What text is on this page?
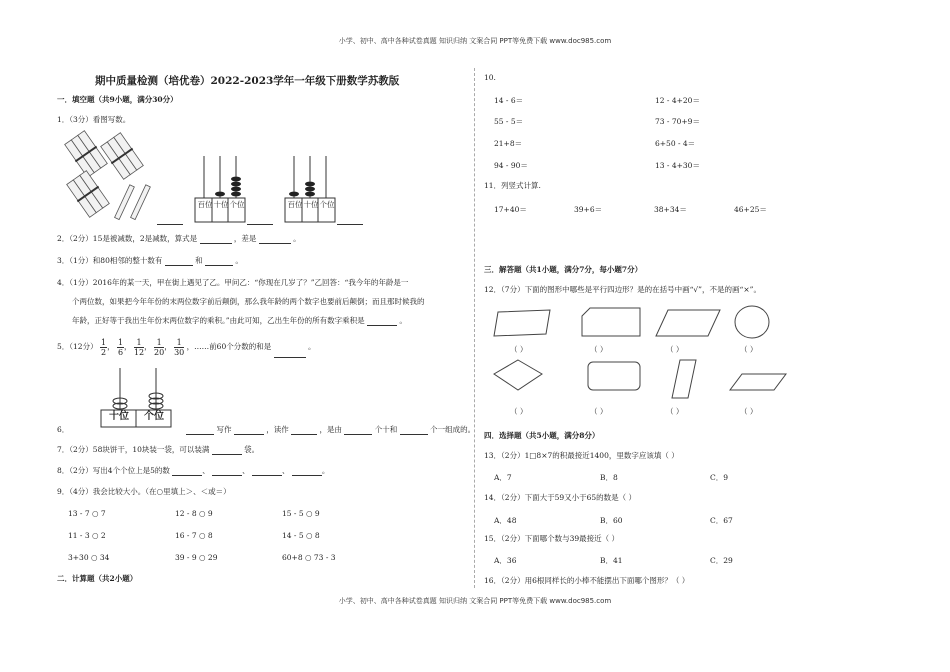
小学、初中、高中各种试卷真题 知识归纳 文案合同 PPT等免费下载 www.doc985.com
小学、初中、高中各种试卷真题 知识归纳 文案合同 PPT等免费下载 www.doc985.com
期中质量检测（培优卷）2022-2023学年一年级下册数学苏教版
一．填空题（共9小题，满分30分）
1．（3分）看图写数。
百位 十位 个位	百位 十位 个位
2．（2分）15是被减数，2是减数，算式是	，差是	。
3．（1分）和80相邻的整十数有	和	。
4．（1分）2016年的某一天，甲在街上遇见了乙。甲问乙：“你现在几岁了？”乙回答：“我今年的年龄是一
个两位数，如果把今年年份的末两位数字前后颠倒，那么我年龄的两个数字也要前后颠倒；而且那时候我的
年龄，正好等于我出生年份末两位数字的乘积。”由此可知，乙出生年份的所有数字乘积是	。
5．（12分） $\frac{1}{2}$ ， $\frac{1}{6}$ ， $\frac{1}{12}$ ， $\frac{1}{20}$ ， $\frac{1}{30}$ ，……前60个分数的和是	。
十位	个位
6．	写作	，读作	，是由	个十和	个一组成的。
7．（2分）58块饼干，10块装一袋，可以装满	袋。
8．（2分）写出4个个位上是5的数	、	、	、	。
9．（4分）我会比较大小。（在○里填上＞、＜或＝）
13 - 7 ○ 7	12 - 8 ○ 9	15 - 5 ○ 9
11 - 3 ○ 2	16 - 7 ○ 8	14 - 5 ○ 8
3+30 ○ 34	39 - 9 ○ 29	60+8 ○ 73 - 3
二．计算题（共2小题）
10.
14 - 6＝	12 - 4+20＝
55 - 5＝	73 - 70+9＝
21+8＝	6+50 - 4＝
94 - 90＝	13 - 4+30＝
11．列竖式计算.
17+40＝	39+6＝	38+34＝	46+25＝
三．解答题（共1小题，满分7分，每小题7分）
12．（7分）下面的图形中哪些是平行四边形？是的在括号中画“√”，不是的画“×”。
（ ）	（ ）	（ ）	（ ）
（ ）	（ ）	（ ）	（ ）
四．选择题（共5小题，满分8分）
13．（2分）1□8×7的积最接近1400，里数字应该填（ ）
A．7	B．8	C．9
14．（2分）下面大于59又小于65的数是（ ）
A．48	B．60	C．67
15．（2分）下面哪个数与39最接近（ ）
A．36	B．41	C．29
16．（2分）用6根同样长的小棒不能摆出下面哪个图形？（ ）
